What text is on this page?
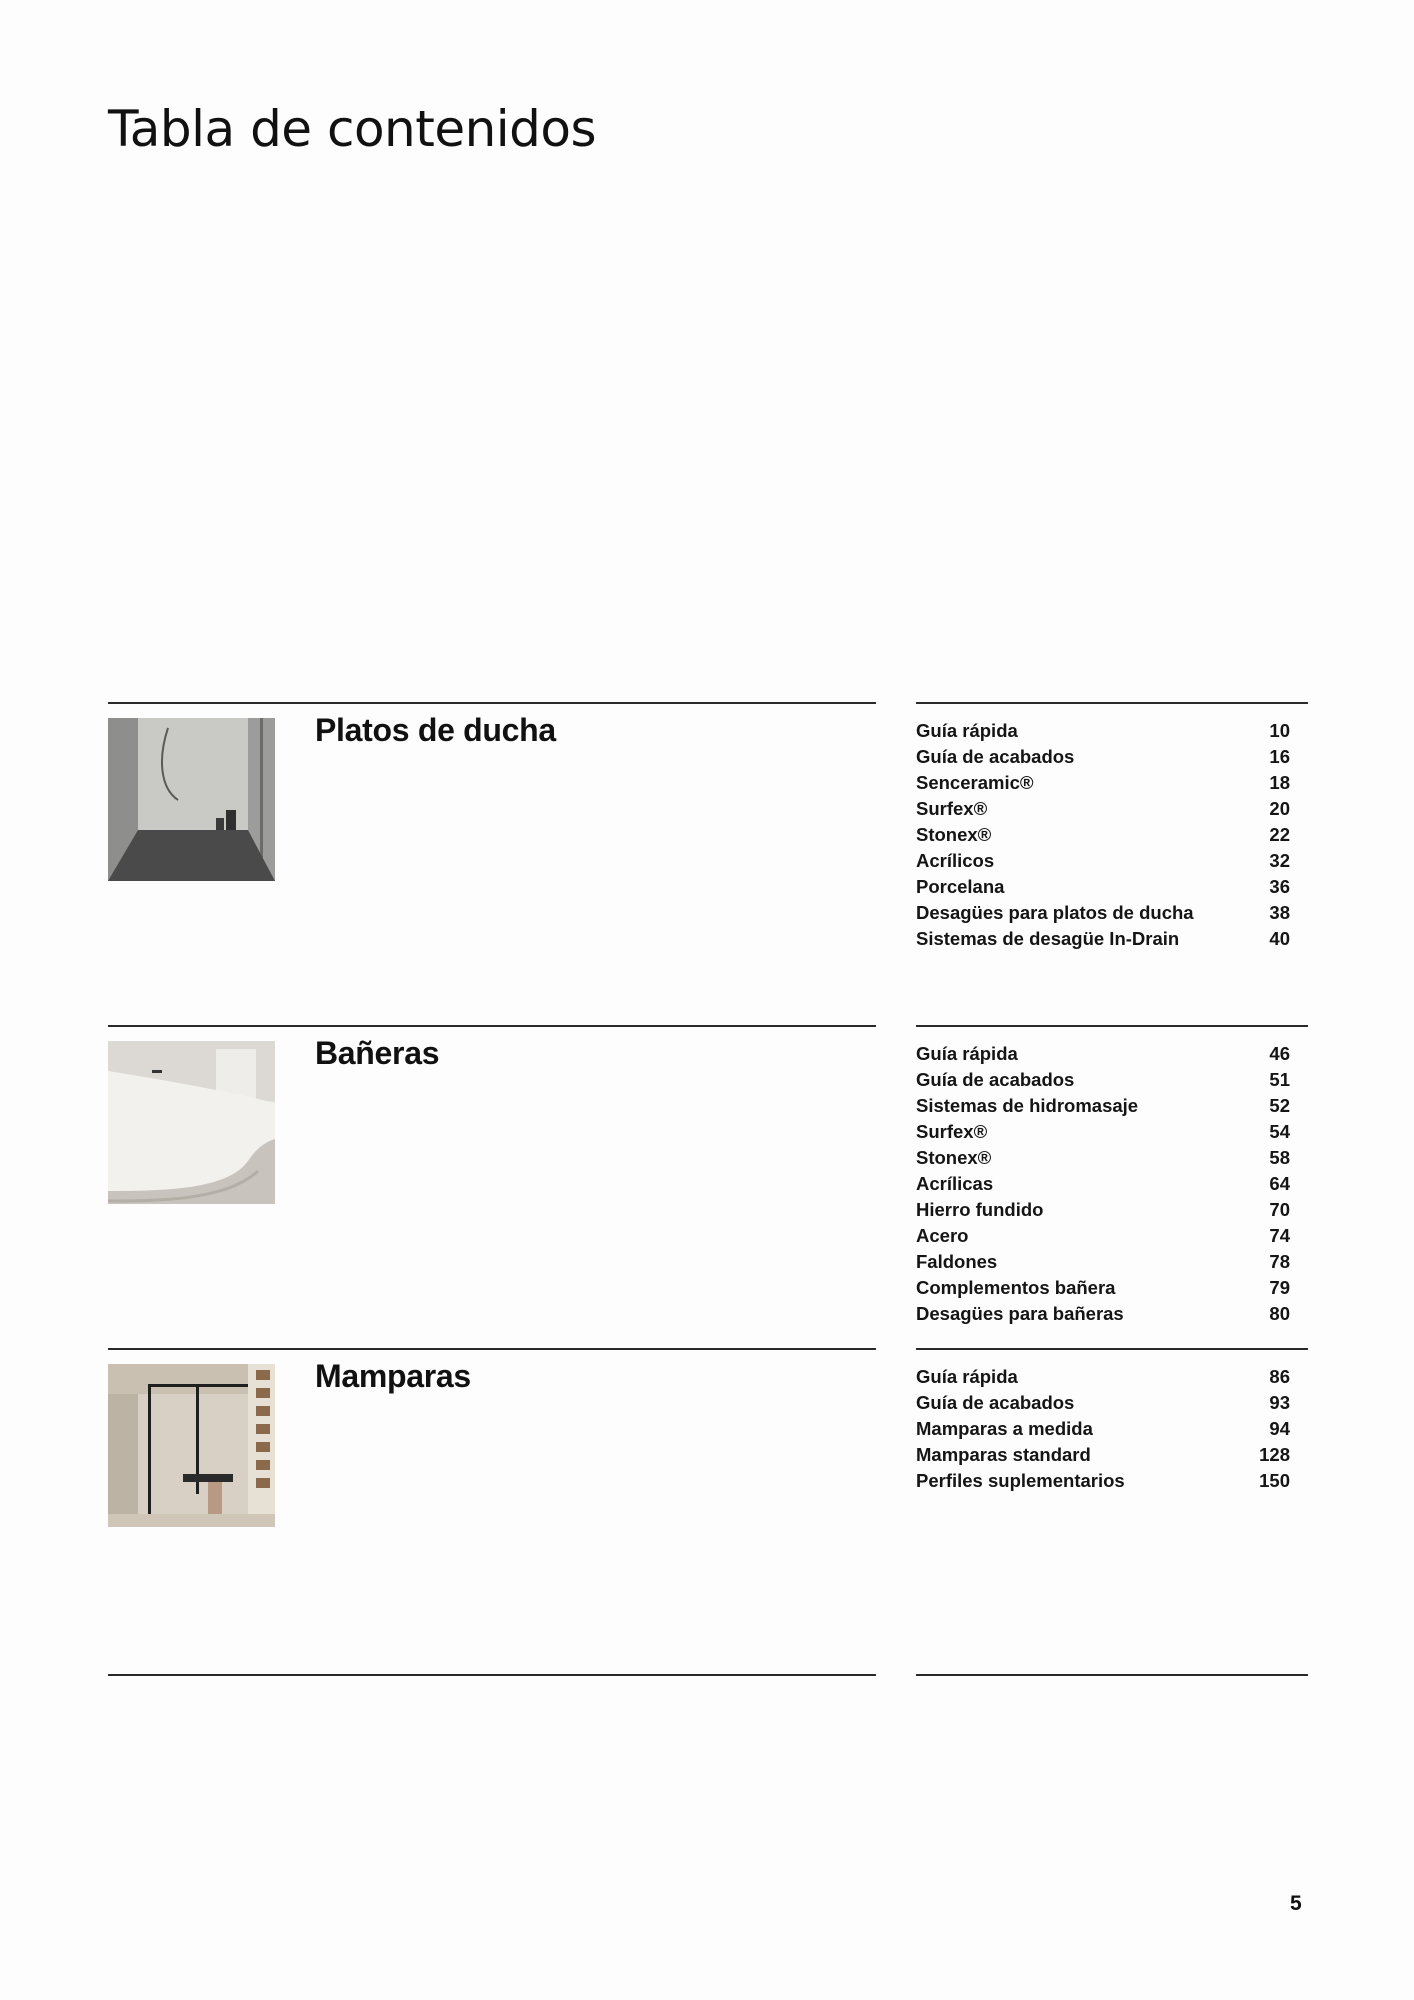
Tabla de contenidos
Platos de ducha	Guía rápida	10
Guía de acabados	16
Senceramic®	18
Surfex®	20
Stonex®	22
Acrílicos	32
Porcelana	36
Desagües para platos de ducha	38
Sistemas de desagüe In-Drain	40
Bañeras	Guía rápida	46
Guía de acabados	51
Sistemas de hidromasaje	52
Surfex®	54
Stonex®	58
Acrílicas	64
Hierro fundido	70
Acero	74
Faldones	78
Complementos bañera	79
Desagües para bañeras	80
Mamparas	Guía rápida	86
Guía de acabados	93
Mamparas a medida	94
Mamparas standard	128
Perfiles suplementarios	150
5
